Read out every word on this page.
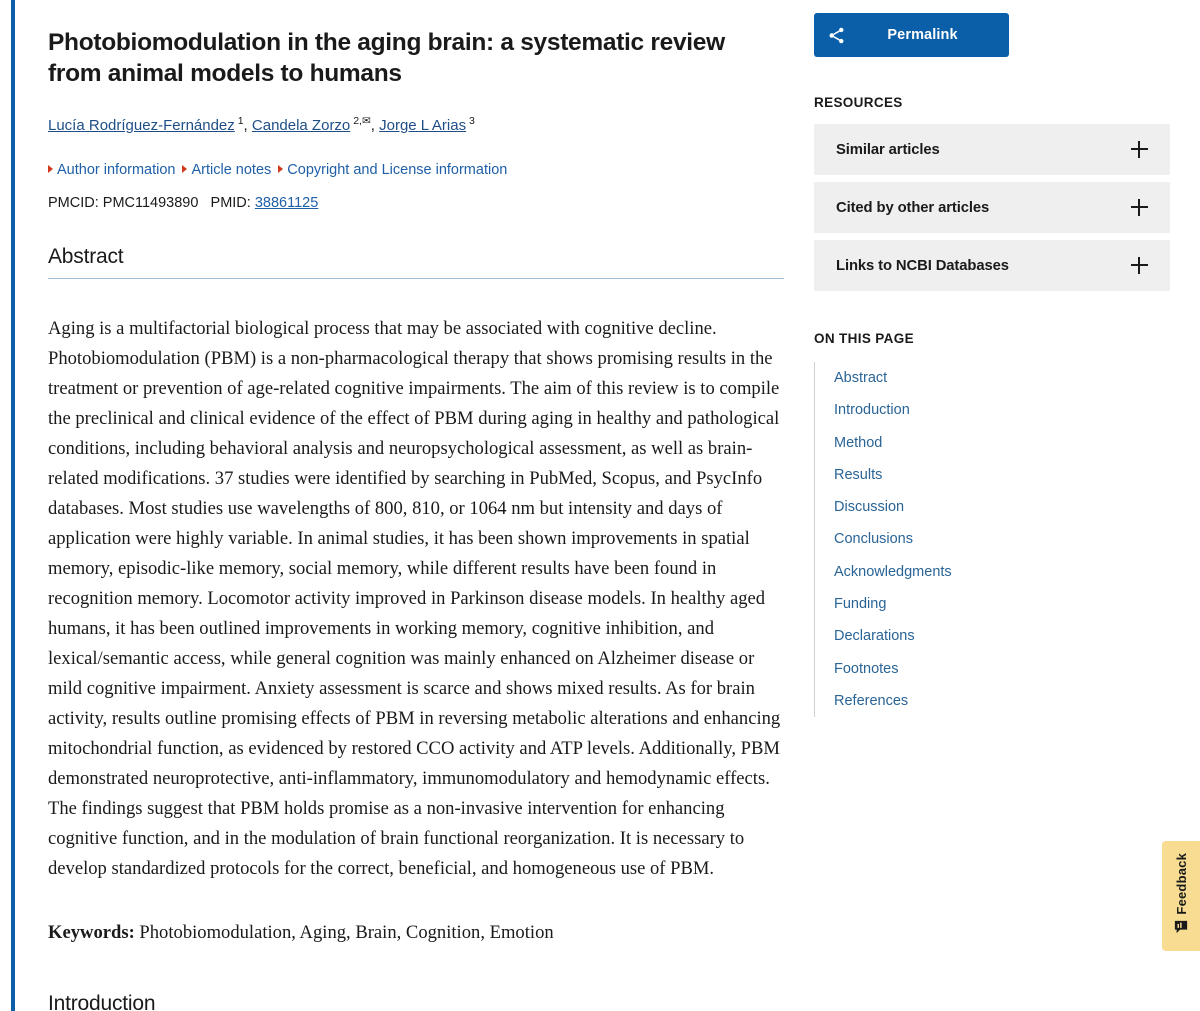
Photobiomodulation in the aging brain: a systematic review from animal models to humans
Lucía Rodríguez-Fernández $^1$, Candela Zorzo $^{2,✉}$, Jorge L Arias $^3$
Author information Article notes Copyright and License information
PMCID: PMC11493890 PMID: 38861125
Abstract
Aging is a multifactorial biological process that may be associated with cognitive decline. Photobiomodulation (PBM) is a non-pharmacological therapy that shows promising results in the treatment or prevention of age-related cognitive impairments. The aim of this review is to compile the preclinical and clinical evidence of the effect of PBM during aging in healthy and pathological conditions, including behavioral analysis and neuropsychological assessment, as well as brain-related modifications. 37 studies were identified by searching in PubMed, Scopus, and PsycInfo databases. Most studies use wavelengths of 800, 810, or 1064 nm but intensity and days of application were highly variable. In animal studies, it has been shown improvements in spatial memory, episodic-like memory, social memory, while different results have been found in recognition memory. Locomotor activity improved in Parkinson disease models. In healthy aged humans, it has been outlined improvements in working memory, cognitive inhibition, and lexical/semantic access, while general cognition was mainly enhanced on Alzheimer disease or mild cognitive impairment. Anxiety assessment is scarce and shows mixed results. As for brain activity, results outline promising effects of PBM in reversing metabolic alterations and enhancing mitochondrial function, as evidenced by restored CCO activity and ATP levels. Additionally, PBM demonstrated neuroprotective, anti-inflammatory, immunomodulatory and hemodynamic effects. The findings suggest that PBM holds promise as a non-invasive intervention for enhancing cognitive function, and in the modulation of brain functional reorganization. It is necessary to develop standardized protocols for the correct, beneficial, and homogeneous use of PBM.
Keywords: Photobiomodulation, Aging, Brain, Cognition, Emotion
Introduction
Permalink
RESOURCES
Similar articles
Cited by other articles
Links to NCBI Databases
ON THIS PAGE
Abstract
Introduction
Method
Results
Discussion
Conclusions
Acknowledgments
Funding
Declarations
Footnotes
References
Feedback
